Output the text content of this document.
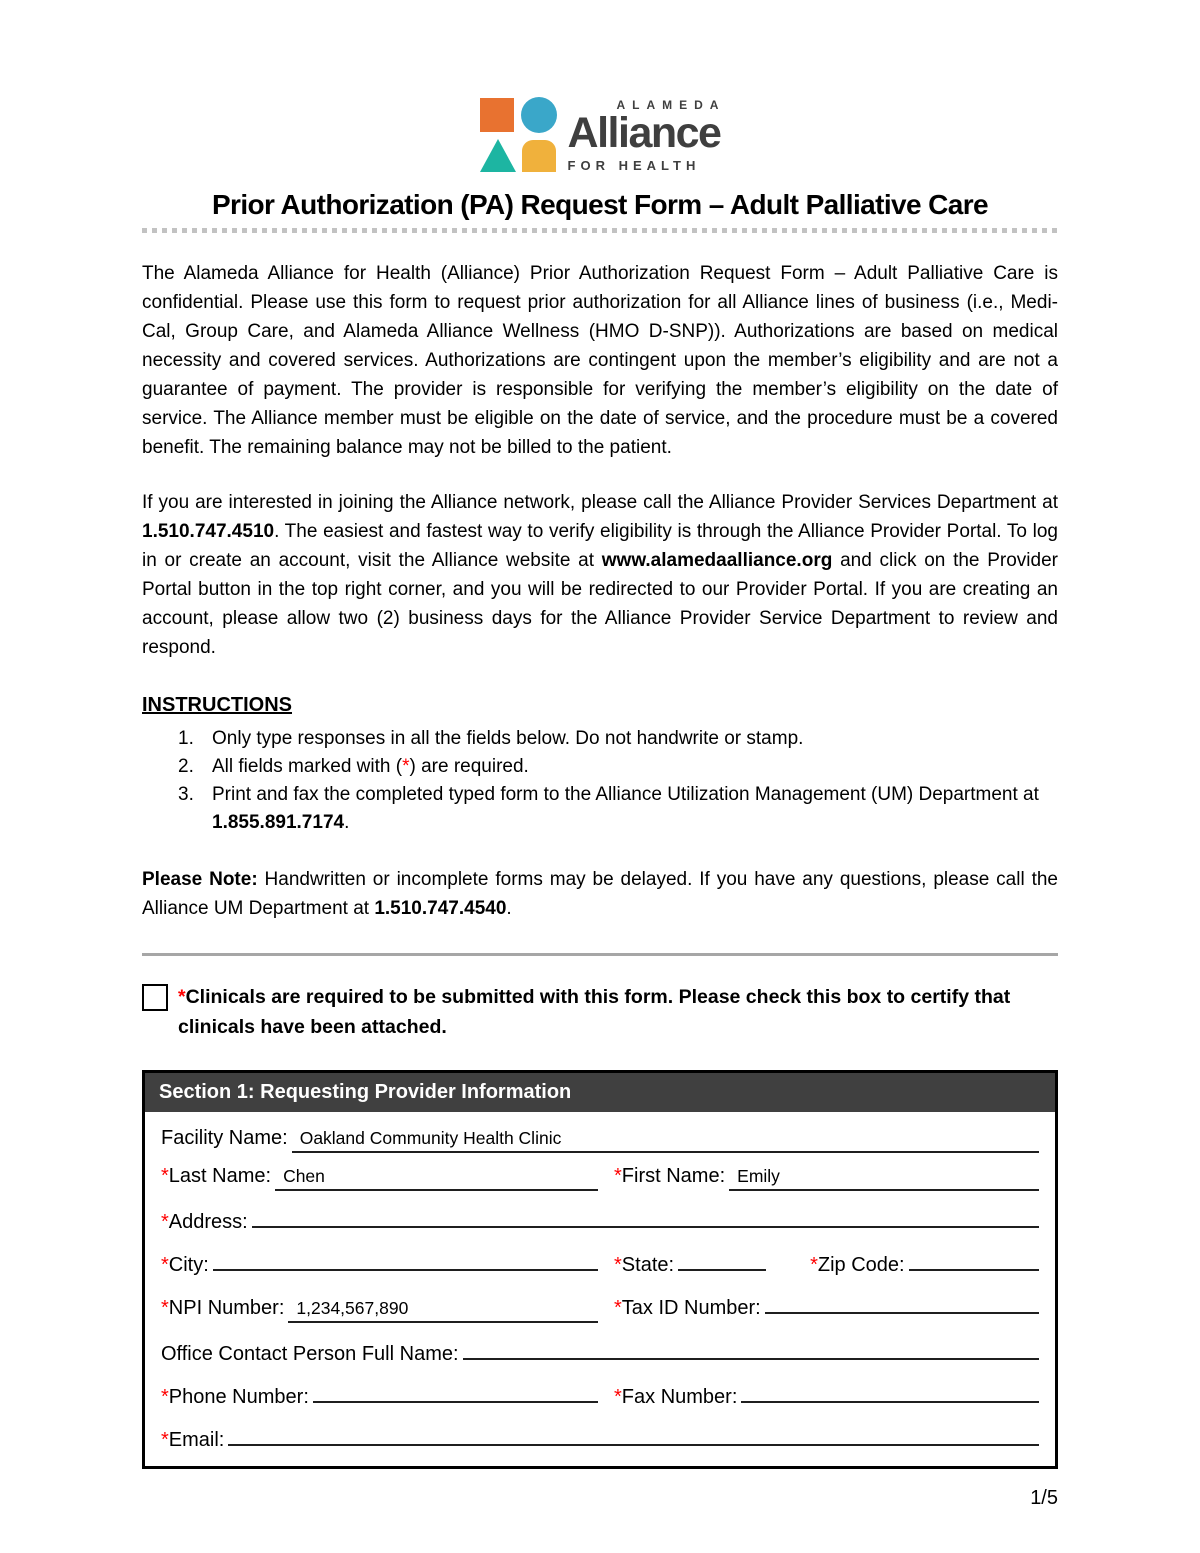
ALAMEDA
Alliance
FOR HEALTH
Prior Authorization (PA) Request Form – Adult Palliative Care

The Alameda Alliance for Health (Alliance) Prior Authorization Request Form – Adult Palliative Care is confidential. Please use this form to request prior authorization for all Alliance lines of business (i.e., Medi-Cal, Group Care, and Alameda Alliance Wellness (HMO D-SNP)). Authorizations are based on medical necessity and covered services. Authorizations are contingent upon the member’s eligibility and are not a guarantee of payment. The provider is responsible for verifying the member’s eligibility on the date of service. The Alliance member must be eligible on the date of service, and the procedure must be a covered benefit. The remaining balance may not be billed to the patient.

If you are interested in joining the Alliance network, please call the Alliance Provider Services Department at 1.510.747.4510. The easiest and fastest way to verify eligibility is through the Alliance Provider Portal. To log in or create an account, visit the Alliance website at www.alamedaalliance.org and click on the Provider Portal button in the top right corner, and you will be redirected to our Provider Portal. If you are creating an account, please allow two (2) business days for the Alliance Provider Service Department to review and respond.

INSTRUCTIONS
1. Only type responses in all the fields below. Do not handwrite or stamp.
2. All fields marked with (*) are required.
3. Print and fax the completed typed form to the Alliance Utilization Management (UM) Department at 1.855.891.7174.

Please Note: Handwritten or incomplete forms may be delayed. If you have any questions, please call the Alliance UM Department at 1.510.747.4540.

*Clinicals are required to be submitted with this form. Please check this box to certify that clinicals have been attached.
Section 1: Requesting Provider Information
Facility Name: Oakland Community Health Clinic
* Last Name: Chen	* First Name: Emily
* Address:
* City:	* State:	* Zip Code:
* NPI Number: 1,234,567,890	* Tax ID Number:
Office Contact Person Full Name:
* Phone Number:	* Fax Number:
* Email:
1/5
